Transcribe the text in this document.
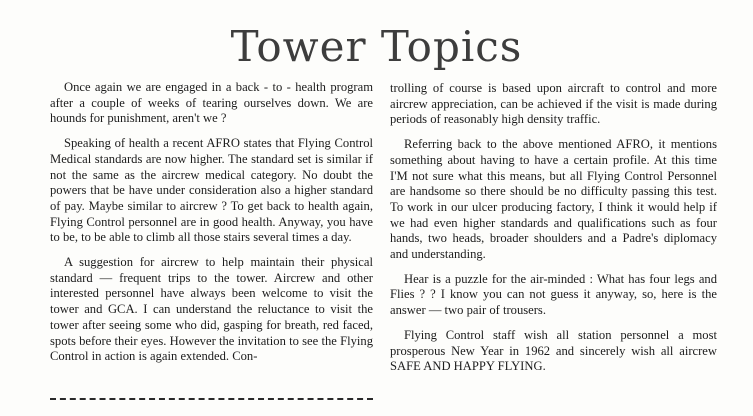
Tower Topics

Once again we are engaged in a back - to - health program after a couple of weeks of tearing ourselves down. We are hounds for punishment, aren't we ?

Speaking of health a recent AFRO states that Flying Control Medical standards are now higher. The standard set is similar if not the same as the aircrew medical category. No doubt the powers that be have under consideration also a higher standard of pay. Maybe similar to aircrew ? To get back to health again, Flying Control personnel are in good health. Anyway, you have to be, to be able to climb all those stairs several times a day.

A suggestion for aircrew to help maintain their physical standard — frequent trips to the tower. Aircrew and other interested personnel have always been welcome to visit the tower and GCA. I can understand the reluctance to visit the tower after seeing some who did, gasping for breath, red faced, spots before their eyes. However the invitation to see the Flying Control in action is again extended. Con-

trolling of course is based upon aircraft to control and more aircrew appreciation, can be achieved if the visit is made during periods of reasonably high density traffic.

Referring back to the above mentioned AFRO, it mentions something about having to have a certain profile. At this time I'M not sure what this means, but all Flying Control Personnel are handsome so there should be no difficulty passing this test. To work in our ulcer producing factory, I think it would help if we had even higher standards and qualifications such as four hands, two heads, broader shoulders and a Padre's diplomacy and understanding.

Hear is a puzzle for the air-minded : What has four legs and Flies ? ? I know you can not guess it anyway, so, here is the answer — two pair of trousers.

Flying Control staff wish all station personnel a most prosperous New Year in 1962 and sincerely wish all aircrew SAFE AND HAPPY FLYING.
